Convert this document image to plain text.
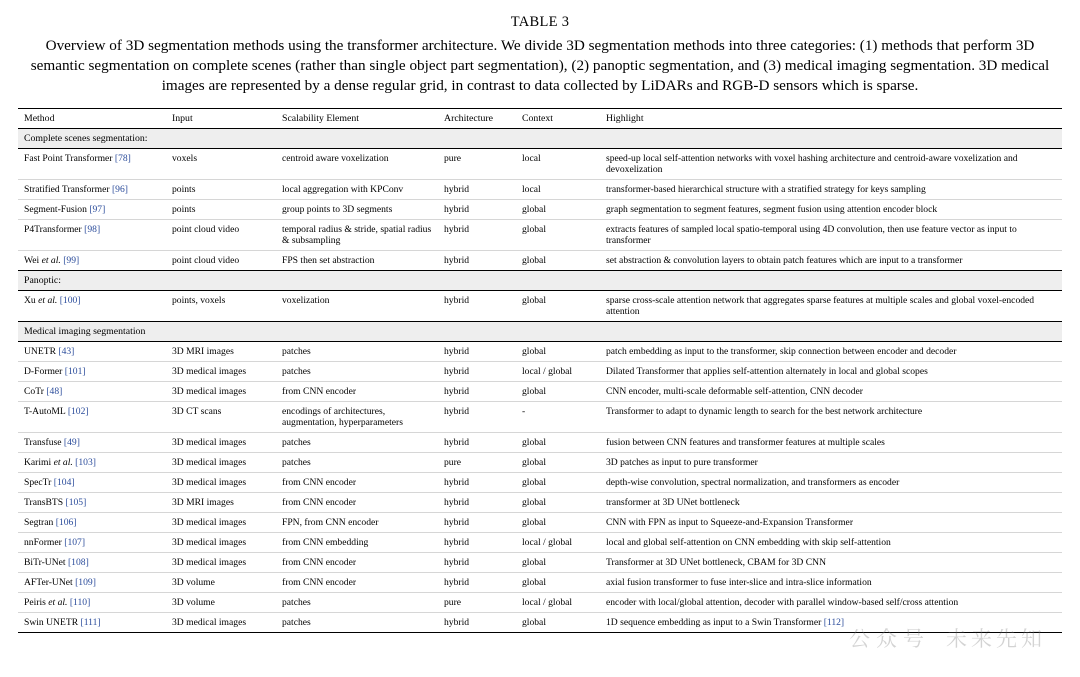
TABLE 3
Overview of 3D segmentation methods using the transformer architecture. We divide 3D segmentation methods into three categories: (1) methods that perform 3D semantic segmentation on complete scenes (rather than single object part segmentation), (2) panoptic segmentation, and (3) medical imaging segmentation. 3D medical images are represented by a dense regular grid, in contrast to data collected by LiDARs and RGB-D sensors which is sparse.
Method	Input	Scalability Element	Architecture	Context	Highlight
Complete scenes segmentation:					
Fast Point Transformer [78]	voxels	centroid aware voxelization	pure	local	speed-up local self-attention networks with voxel hashing architecture and centroid-aware voxelization and devoxelization
Stratified Transformer [96]	points	local aggregation with KPConv	hybrid	local	transformer-based hierarchical structure with a stratified strategy for keys sampling
Segment-Fusion [97]	points	group points to 3D segments	hybrid	global	graph segmentation to segment features, segment fusion using attention encoder block
P4Transformer [98]	point cloud video	temporal radius & stride, spatial radius & subsampling	hybrid	global	extracts features of sampled local spatio-temporal using 4D convolution, then use feature vector as input to transformer
Wei et al. [99]	point cloud video	FPS then set abstraction	hybrid	global	set abstraction & convolution layers to obtain patch features which are input to a transformer
Panoptic:					
Xu et al. [100]	points, voxels	voxelization	hybrid	global	sparse cross-scale attention network that aggregates sparse features at multiple scales and global voxel-encoded attention
Medical imaging segmentation					
UNETR [43]	3D MRI images	patches	hybrid	global	patch embedding as input to the transformer, skip connection between encoder and decoder
D-Former [101]	3D medical images	patches	hybrid	local / global	Dilated Transformer that applies self-attention alternately in local and global scopes
CoTr [48]	3D medical images	from CNN encoder	hybrid	global	CNN encoder, multi-scale deformable self-attention, CNN decoder
T-AutoML [102]	3D CT scans	encodings of architectures, augmentation, hyperparameters	hybrid	-	Transformer to adapt to dynamic length to search for the best network architecture
Transfuse [49]	3D medical images	patches	hybrid	global	fusion between CNN features and transformer features at multiple scales
Karimi et al. [103]	3D medical images	patches	pure	global	3D patches as input to pure transformer
SpecTr [104]	3D medical images	from CNN encoder	hybrid	global	depth-wise convolution, spectral normalization, and transformers as encoder
TransBTS [105]	3D MRI images	from CNN encoder	hybrid	global	transformer at 3D UNet bottleneck
Segtran [106]	3D medical images	FPN, from CNN encoder	hybrid	global	CNN with FPN as input to Squeeze-and-Expansion Transformer
nnFormer [107]	3D medical images	from CNN embedding	hybrid	local / global	local and global self-attention on CNN embedding with skip self-attention
BiTr-UNet [108]	3D medical images	from CNN encoder	hybrid	global	Transformer at 3D UNet bottleneck, CBAM for 3D CNN
AFTer-UNet [109]	3D volume	from CNN encoder	hybrid	global	axial fusion transformer to fuse inter-slice and intra-slice information
Peiris et al. [110]	3D volume	patches	pure	local / global	encoder with local/global attention, decoder with parallel window-based self/cross attention
Swin UNETR [111]	3D medical images	patches	hybrid	global	1D sequence embedding as input to a Swin Transformer [112]
公众号 未来先知
